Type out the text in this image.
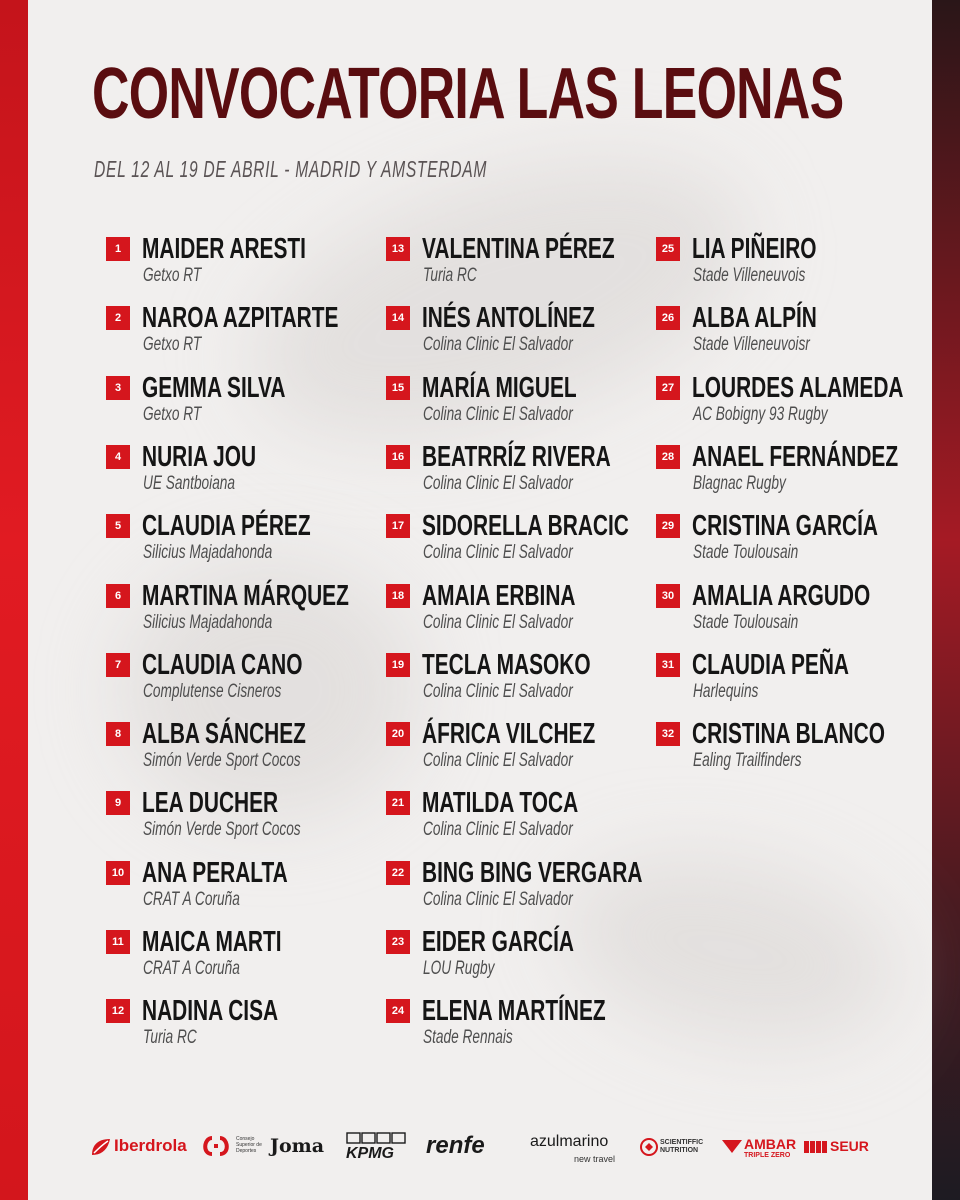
CONVOCATORIA LAS LEONAS
DEL 12 AL 19 DE ABRIL - MADRID Y AMSTERDAM
1 MAIDER ARESTI
Getxo RT
2 NAROA AZPITARTE
Getxo RT
3 GEMMA SILVA
Getxo RT
4 NURIA JOU
UE Santboiana
5 CLAUDIA PÉREZ
Silicius Majadahonda
6 MARTINA MÁRQUEZ
Silicius Majadahonda
7 CLAUDIA CANO
Complutense Cisneros
8 ALBA SÁNCHEZ
Simón Verde Sport Cocos
9 LEA DUCHER
Simón Verde Sport Cocos
10 ANA PERALTA
CRAT A Coruña
11 MAICA MARTI
CRAT A Coruña
12 NADINA CISA
Turia RC
13 VALENTINA PÉREZ
Turia RC
14 INÉS ANTOLÍNEZ
Colina Clinic El Salvador
15 MARÍA MIGUEL
Colina Clinic El Salvador
16 BEATRRÍZ RIVERA
Colina Clinic El Salvador
17 SIDORELLA BRACIC
Colina Clinic El Salvador
18 AMAIA ERBINA
Colina Clinic El Salvador
19 TECLA MASOKO
Colina Clinic El Salvador
20 ÁFRICA VILCHEZ
Colina Clinic El Salvador
21 MATILDA TOCA
Colina Clinic El Salvador
22 BING BING VERGARA
Colina Clinic El Salvador
23 EIDER GARCÍA
LOU Rugby
24 ELENA MARTÍNEZ
Stade Rennais
25 LIA PIÑEIRO
Stade Villeneuvois
26 ALBA ALPÍN
Stade Villeneuvoisr
27 LOURDES ALAMEDA
AC Bobigny 93 Rugby
28 ANAEL FERNÁNDEZ
Blagnac Rugby
29 CRISTINA GARCÍA
Stade Toulousain
30 AMALIA ARGUDO
Stade Toulousain
31 CLAUDIA PEÑA
Harlequins
32 CRISTINA BLANCO
Ealing Trailfinders
Iberdrola	Consejo
Superior de
Deportes Joma	KPMG renfe	azulmarino
new travel
SCIENTIFFIC
NUTRITION	AMBAR
TRIPLE ZERO
SEUR
